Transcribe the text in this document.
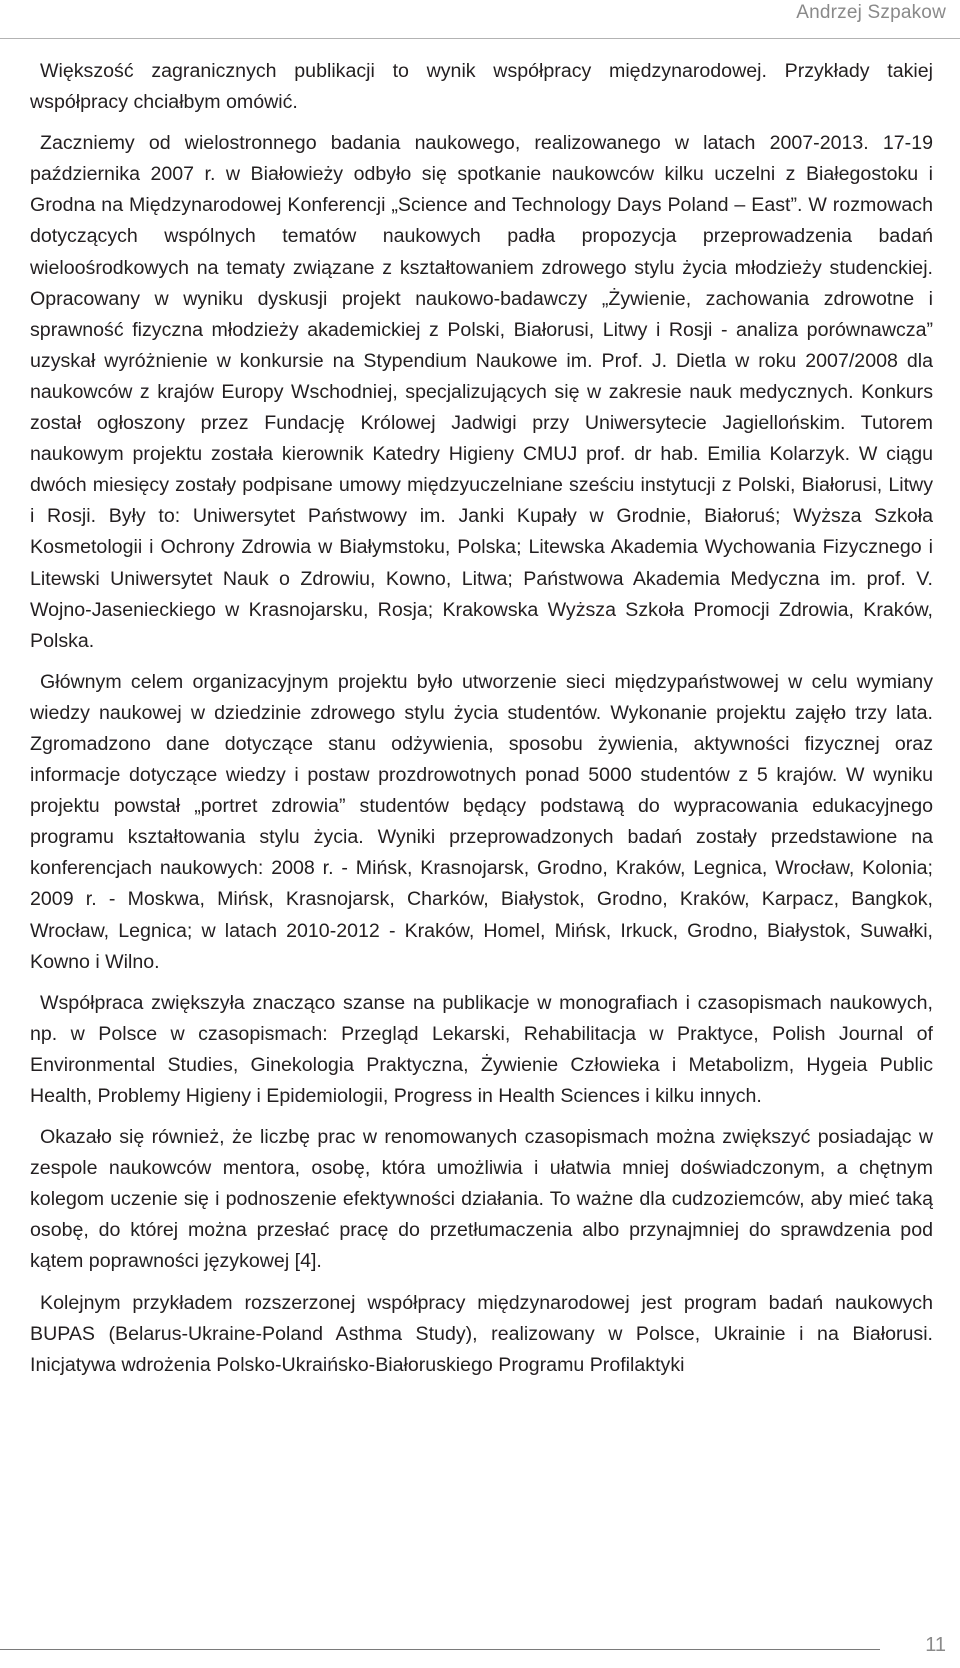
Andrzej Szpakow

Większość zagranicznych publikacji to wynik współpracy międzynarodowej. Przykłady takiej współpracy chciałbym omówić.

Zaczniemy od wielostronnego badania naukowego, realizowanego w latach 2007-2013. 17-19 października 2007 r. w Białowieży odbyło się spotkanie naukowców kilku uczelni z Białegostoku i Grodna na Międzynarodowej Konferencji „Science and Technology Days Poland – East”. W rozmowach dotyczących wspólnych tematów naukowych padła propozycja przeprowadzenia badań wieloośrodkowych na tematy związane z kształtowaniem zdrowego stylu życia młodzieży studenckiej. Opracowany w wyniku dyskusji projekt naukowo-badawczy „Żywienie, zachowania zdrowotne i sprawność fizyczna młodzieży akademickiej z Polski, Białorusi, Litwy i Rosji - analiza porównawcza” uzyskał wyróżnienie w konkursie na Stypendium Naukowe im. Prof. J. Dietla w roku 2007/2008 dla naukowców z krajów Europy Wschodniej, specjalizujących się w zakresie nauk medycznych. Konkurs został ogłoszony przez Fundację Królowej Jadwigi przy Uniwersytecie Jagiellońskim. Tutorem naukowym projektu została kierownik Katedry Higieny CMUJ prof. dr hab. Emilia Kolarzyk. W ciągu dwóch miesięcy zostały podpisane umowy międzyuczelniane sześciu instytucji z Polski, Białorusi, Litwy i Rosji. Były to: Uniwersytet Państwowy im. Janki Kupały w Grodnie, Białoruś; Wyższa Szkoła Kosmetologii i Ochrony Zdrowia w Białymstoku, Polska; Litewska Akademia Wychowania Fizycznego i Litewski Uniwersytet Nauk o Zdrowiu, Kowno, Litwa; Państwowa Akademia Medyczna im. prof. V. Wojno-Jasenieckiego w Krasnojarsku, Rosja; Krakowska Wyższa Szkoła Promocji Zdrowia, Kraków, Polska.

Głównym celem organizacyjnym projektu było utworzenie sieci międzypaństwowej w celu wymiany wiedzy naukowej w dziedzinie zdrowego stylu życia studentów. Wykonanie projektu zajęło trzy lata. Zgromadzono dane dotyczące stanu odżywienia, sposobu żywienia, aktywności fizycznej oraz informacje dotyczące wiedzy i postaw prozdrowotnych ponad 5000 studentów z 5 krajów. W wyniku projektu powstał „portret zdrowia” studentów będący podstawą do wypracowania edukacyjnego programu kształtowania stylu życia. Wyniki przeprowadzonych badań zostały przedstawione na konferencjach naukowych: 2008 r. - Mińsk, Krasnojarsk, Grodno, Kraków, Legnica, Wrocław, Kolonia; 2009 r. - Moskwa, Mińsk, Krasnojarsk, Charków, Białystok, Grodno, Kraków, Karpacz, Bangkok, Wrocław, Legnica; w latach 2010-2012 - Kraków, Homel, Mińsk, Irkuck, Grodno, Białystok, Suwałki, Kowno i Wilno.

Współpraca zwiększyła znacząco szanse na publikacje w monografiach i czasopismach naukowych, np. w Polsce w czasopismach: Przegląd Lekarski, Rehabilitacja w Praktyce, Polish Journal of Environmental Studies, Ginekologia Praktyczna, Żywienie Człowieka i Metabolizm, Hygeia Public Health, Problemy Higieny i Epidemiologii, Progress in Health Sciences i kilku innych.

Okazało się również, że liczbę prac w renomowanych czasopismach można zwiększyć posiadając w zespole naukowców mentora, osobę, która umożliwia i ułatwia mniej doświadczonym, a chętnym kolegom uczenie się i podnoszenie efektywności działania. To ważne dla cudzoziemców, aby mieć taką osobę, do której można przesłać pracę do przetłumaczenia albo przynajmniej do sprawdzenia pod kątem poprawności językowej [4].

Kolejnym przykładem rozszerzonej współpracy międzynarodowej jest program badań naukowych BUPAS (Belarus-Ukraine-Poland Asthma Study), realizowany w Polsce, Ukrainie i na Białorusi. Inicjatywa wdrożenia Polsko-Ukraińsko-Białoruskiego Programu Profilaktyki

11
